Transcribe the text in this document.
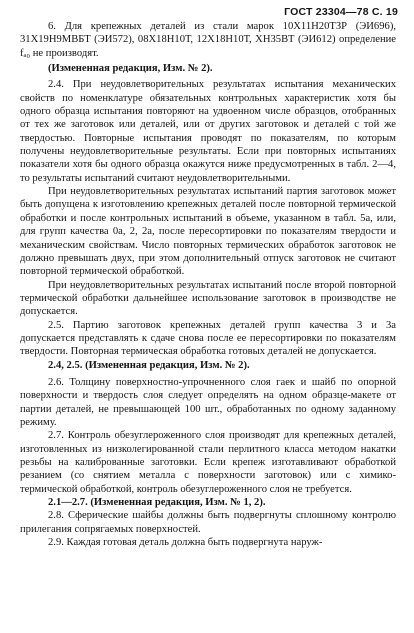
ГОСТ 23304—78 С. 19

6. Для крепежных деталей из стали марок 10Х11Н20ТЗР (ЭИ696), 31Х19Н9МВБТ (ЭИ572), 08Х18Н10Т, 12Х18Н10Т, ХН35ВТ (ЭИ612) определение fₐ₀ не производят.

(Измененная редакция, Изм. № 2).

2.4. При неудовлетворительных результатах испытания механических свойств по номенклатуре обязательных контрольных характеристик хотя бы одного образца испытания повторяют на удвоенном числе образцов, отобранных от тех же заготовок или деталей, или от других заготовок и деталей с той же твердостью. Повторные испытания проводят по показателям, по которым получены неудовлетворительные результаты. Если при повторных испытаниях показатели хотя бы одного образца окажутся ниже предусмотренных в табл. 2—4, то результаты испытаний считают неудовлетворительными.

При неудовлетворительных результатах испытаний партия заготовок может быть допущена к изготовлению крепежных деталей после повторной термической обработки и после контрольных испытаний в объеме, указанном в табл. 5а, или, для групп качества 0а, 2, 2а, после пересортировки по показателям твердости и механическим свойствам. Число повторных термических обработок заготовок не должно превышать двух, при этом дополнительный отпуск заготовок не считают повторной термической обработкой.

При неудовлетворительных результатах испытаний после второй повторной термической обработки дальнейшее использование заготовок в производстве не допускается.

2.5. Партию заготовок крепежных деталей групп качества 3 и 3а допускается представлять к сдаче снова после ее пересортировки по показателям твердости. Повторная термическая обработка готовых деталей не допускается.

2.4, 2.5. (Измененная редакция, Изм. № 2).

2.6. Толщину поверхностно-упрочненного слоя гаек и шайб по опорной поверхности и твердость слоя следует определять на одном образце-макете от партии деталей, не превышающей 100 шт., обработанных по одному заданному режиму.

2.7. Контроль обезуглероженного слоя производят для крепежных деталей, изготовленных из низколегированной стали перлитного класса методом накатки резьбы на калиброванные заготовки. Если крепеж изготавливают обработкой резанием (со снятием металла с поверхности заготовок) или с химико-термической обработкой, контроль обезуглероженного слоя не требуется.

2.1—2.7. (Измененная редакция, Изм. № 1, 2).

2.8. Сферические шайбы должны быть подвергнуты сплошному контролю прилегания сопрягаемых поверхностей.

2.9. Каждая готовая деталь должна быть подвергнута наруж-
